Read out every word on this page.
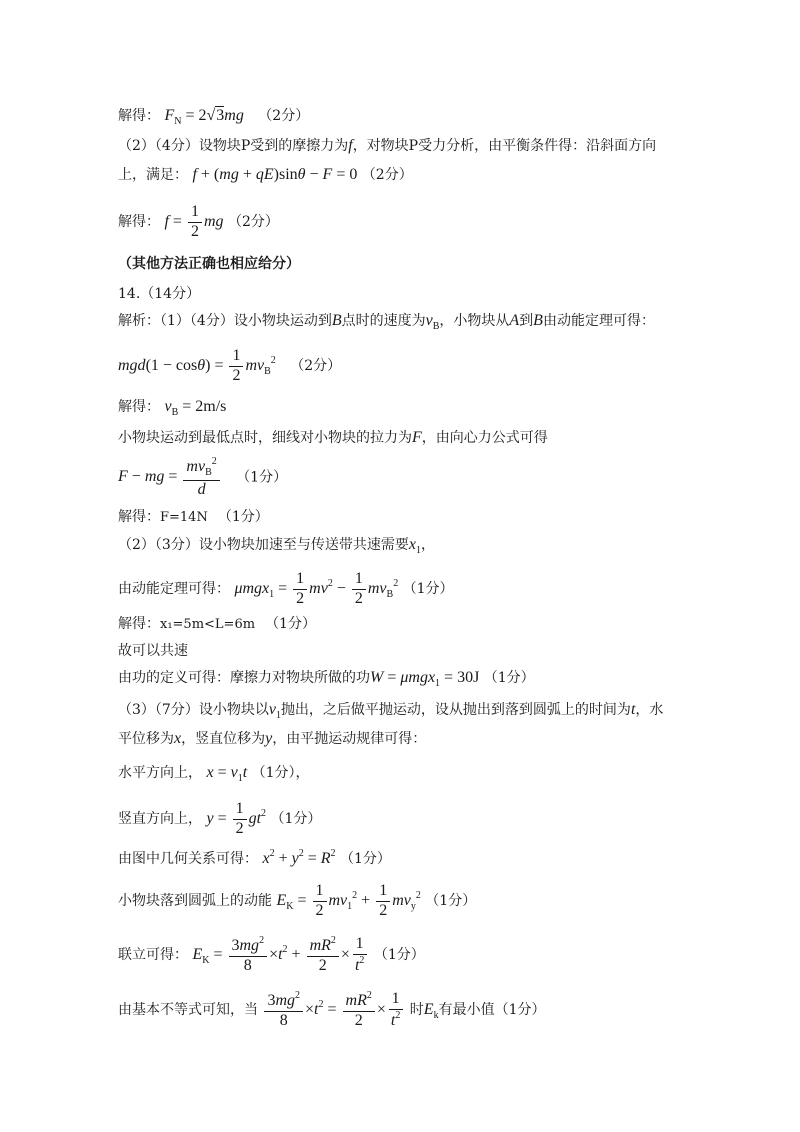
解得： $F_N = 2√3mg$ （2分）
（2）（4分）设物块P受到的摩擦力为f，对物块P受力分析，由平衡条件得：沿斜面方向
上，满足： f + (mg + qE)sinθ − F = 0 （2分）
解得： $f = \frac{1}{2}$ mg （2分）
（其他方法正确也相应给分）
14.（14分）
解析：（1）（4分）设小物块运动到B点时的速度为$v_B$，小物块从A到B由动能定理可得：
$mgd(1 - \cos\theta) = \frac{1}{2} mv_B^2$ （2分）
解得： $v_B = 2m/s$
小物块运动到最低点时，细线对小物块的拉力为F，由向心力公式可得
F − mg = $\frac{mv_B^2}{d} (1$分）
解得：F=14N （1分）
（2）（3分）设小物块加速至与传送带共速需要$x_1$，
由动能定理可得： $\mu mgx_1 = \frac{1}{2} mv^2 - \frac{1}{2} mv_B^2$ （1分）
解得：x₁=5m<L=6m （1分）
故可以共速
由功的定义可得：摩擦力对物块所做的功W = μmgx$_1$ = 30J （1分）
（3）（7分）设小物块以$v_1$抛出，之后做平抛运动，设从抛出到落到圆弧上的时间为t，水
平位移为x，竖直位移为y，由平抛运动规律可得：
水平方向上， $x = v_1t$ （1分），
竖直方向上， $y = \frac{1}{2} gt^2$ （1分）
由图中几何关系可得： $x^2 + y^2 = R^2$ （1分）
小物块落到圆弧上的动能 $E_K = \frac{1}{2} mv_1^2 + \frac{1}{2} mv_y^2$ （1分）
联立可得： $E_K = \frac{3mg^2}{8} \times t^2 + \frac{mR^2}{2} \times \frac{1}{t^2} (1$分）
由基本不等式可知，当 $\frac{3mg^2}{8} \times t^2 = \frac{mR^2}{2} \times \frac{1}{t^2}$ 时$E_k$有最小值（1分）
